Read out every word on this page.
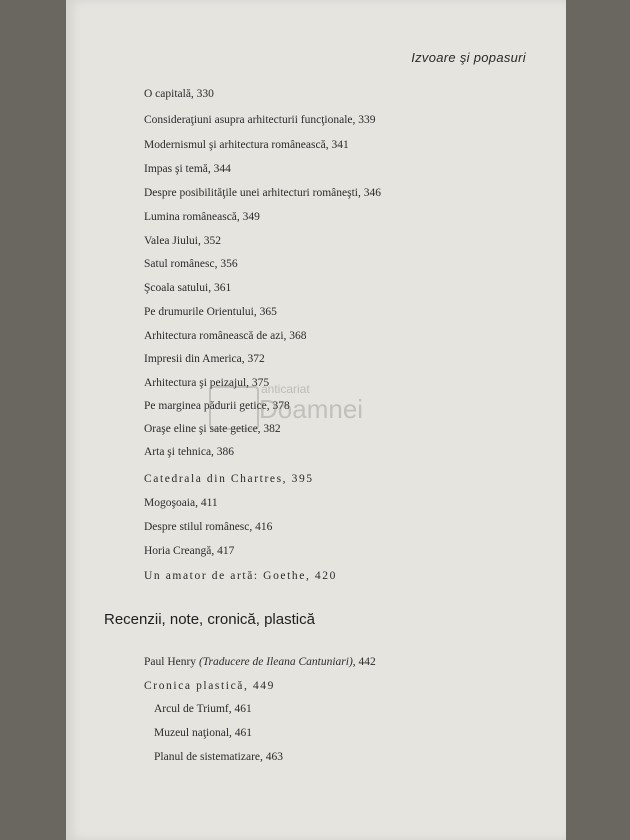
Izvoare şi popasuri
O capitală, 330
Consideraţiuni asupra arhitecturii funcţionale, 339
Modernismul şi arhitectura românească, 341
Impas şi temă, 344
Despre posibilităţile unei arhitecturi româneşti, 346
Lumina românească, 349
Valea Jiului, 352
Satul românesc, 356
Şcoala satului, 361
Pe drumurile Orientului, 365
Arhitectura românească de azi, 368
Impresii din America, 372
Arhitectura şi peizajul, 375
Pe marginea pădurii getice, 378
Oraşe eline şi sate getice, 382
Arta şi tehnica, 386
Catedrala din Chartres, 395
Mogoşoaia, 411
Despre stilul românesc, 416
Horia Creangă, 417
Un amator de artă: Goethe, 420
Recenzii, note, cronică, plastică
Paul Henry (Traducere de Ileana Cantuniari), 442
Cronica plastică, 449
Arcul de Triumf, 461
Muzeul naţional, 461
Planul de sistematizare, 463
anticariat
Doamnei
